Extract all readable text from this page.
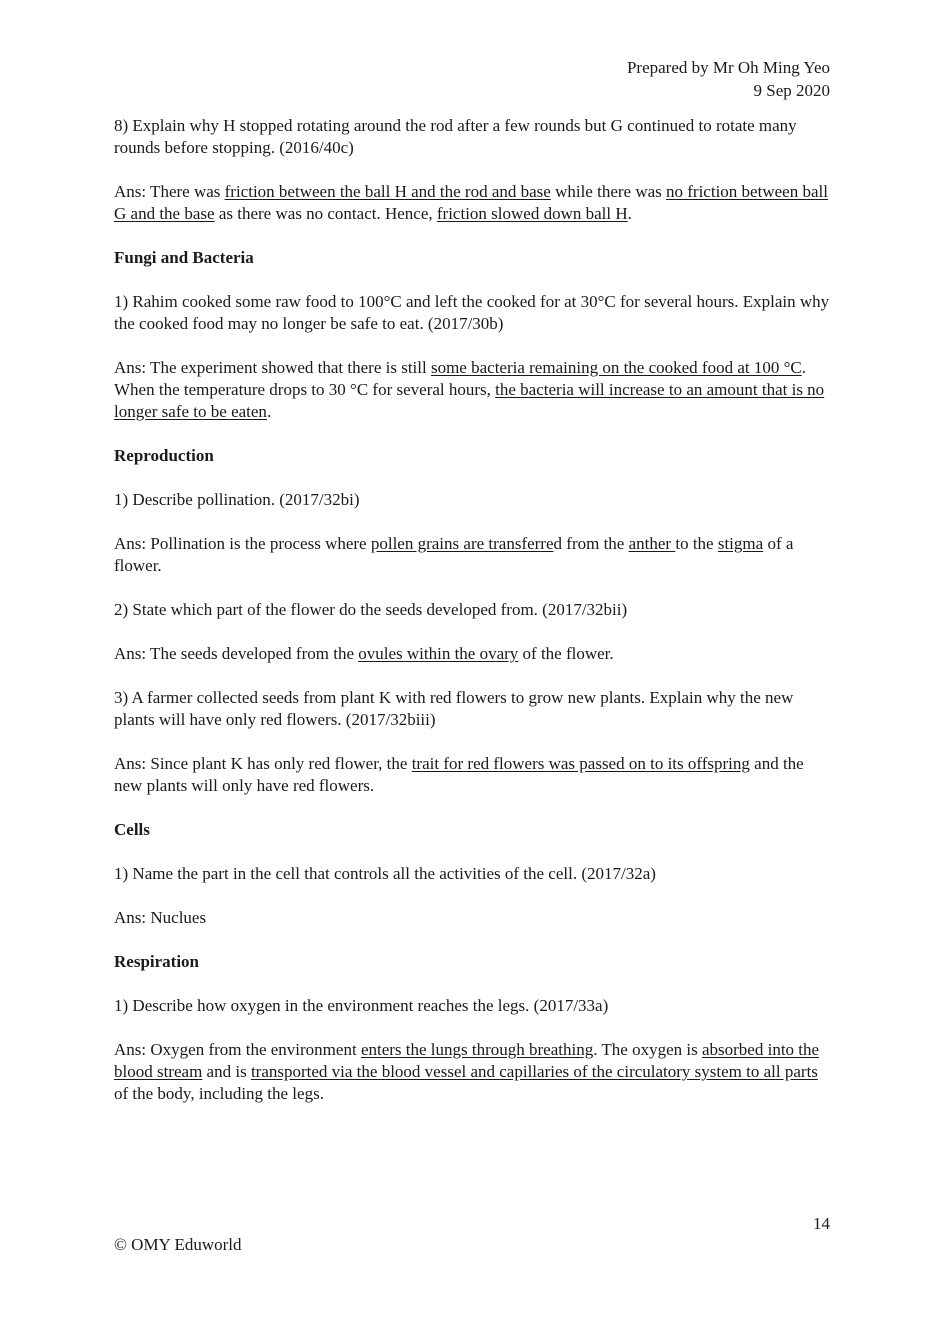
Prepared by Mr Oh Ming Yeo
9 Sep 2020

8) Explain why H stopped rotating around the rod after a few rounds but G continued to rotate many rounds before stopping. (2016/40c)

Ans: There was friction between the ball H and the rod and base while there was no friction between ball G and the base as there was no contact. Hence, friction slowed down ball H.

Fungi and Bacteria

1) Rahim cooked some raw food to 100°C and left the cooked for at 30°C for several hours. Explain why the cooked food may no longer be safe to eat. (2017/30b)

Ans: The experiment showed that there is still some bacteria remaining on the cooked food at 100 °C. When the temperature drops to 30 °C for several hours, the bacteria will increase to an amount that is no longer safe to be eaten.

Reproduction

1) Describe pollination. (2017/32bi)

Ans: Pollination is the process where pollen grains are transferred from the anther to the stigma of a flower.

2) State which part of the flower do the seeds developed from. (2017/32bii)

Ans: The seeds developed from the ovules within the ovary of the flower.

3) A farmer collected seeds from plant K with red flowers to grow new plants. Explain why the new plants will have only red flowers. (2017/32biii)

Ans: Since plant K has only red flower, the trait for red flowers was passed on to its offspring and the new plants will only have red flowers.

Cells

1) Name the part in the cell that controls all the activities of the cell. (2017/32a)

Ans: Nuclues

Respiration

1) Describe how oxygen in the environment reaches the legs. (2017/33a)

Ans: Oxygen from the environment enters the lungs through breathing. The oxygen is absorbed into the blood stream and is transported via the blood vessel and capillaries of the circulatory system to all parts of the body, including the legs.

14
© OMY Eduworld
